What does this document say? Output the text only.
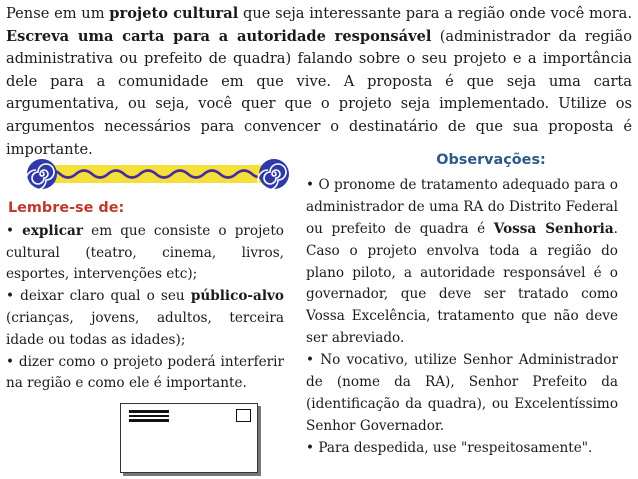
Pense em um projeto cultural que seja interessante para a região onde você mora. Escreva uma carta para a autoridade responsável (administrador da região administrativa ou prefeito de quadra) falando sobre o seu projeto e a importância dele para a comunidade em que vive. A proposta é que seja uma carta argumentativa, ou seja, você quer que o projeto seja implementado. Utilize os argumentos necessários para convencer o destinatário de que sua proposta é importante.

Lembre-se de:

• explicar em que consiste o projeto cultural (teatro, cinema, livros, esportes, intervenções etc);

• deixar claro qual o seu público-alvo (crianças, jovens, adultos, terceira idade ou todas as idades);

• dizer como o projeto poderá interferir na região e como ele é importante.

Observações:

• O pronome de tratamento adequado para o administrador de uma RA do Distrito Federal ou prefeito de quadra é Vossa Senhoria. Caso o projeto envolva toda a região do plano piloto, a autoridade responsável é o governador, que deve ser tratado como Vossa Excelência, tratamento que não deve ser abreviado.

• No vocativo, utilize Senhor Administrador de (nome da RA), Senhor Prefeito da (identificação da quadra), ou Excelentíssimo Senhor Governador.

• Para despedida, use "respeitosamente".
